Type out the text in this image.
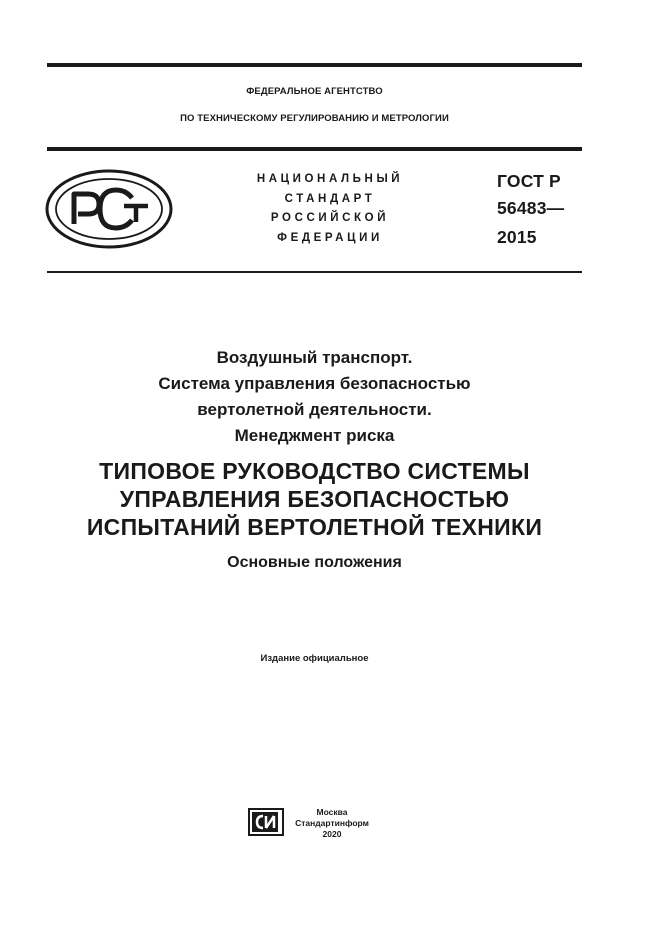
ФЕДЕРАЛЬНОЕ АГЕНТСТВО
ПО ТЕХНИЧЕСКОМУ РЕГУЛИРОВАНИЮ И МЕТРОЛОГИИ
НАЦИОНАЛЬНЫЙ
СТАНДАРТ
РОССИЙСКОЙ
ФЕДЕРАЦИИ
ГОСТ Р
56483—
2015
Воздушный транспорт.
Система управления безопасностью
вертолетной деятельности.
Менеджмент риска
ТИПОВОЕ РУКОВОДСТВО СИСТЕМЫ
УПРАВЛЕНИЯ БЕЗОПАСНОСТЬЮ
ИСПЫТАНИЙ ВЕРТОЛЕТНОЙ ТЕХНИКИ
Основные положения
Издание официальное
Москва
Стандартинформ
2020
